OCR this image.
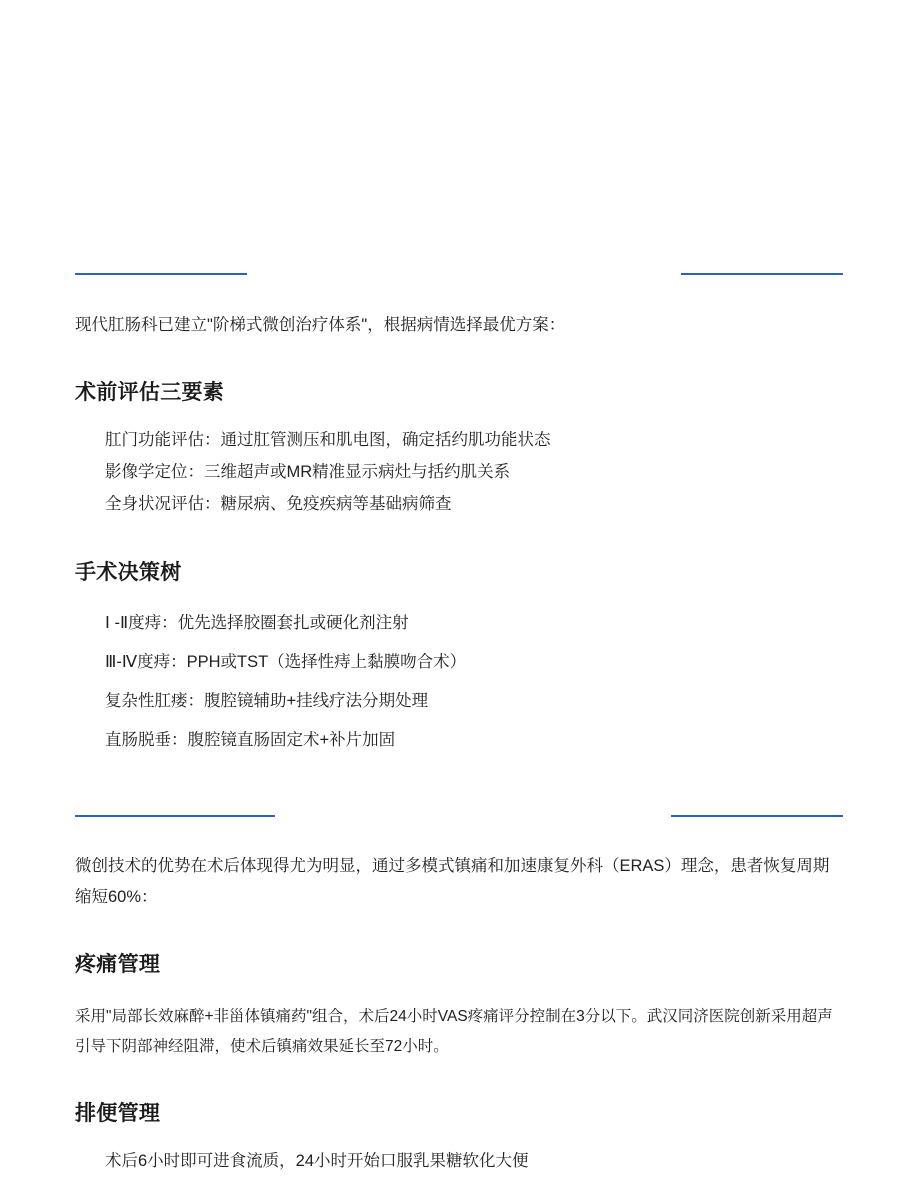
现代肛肠科已建立"阶梯式微创治疗体系"，根据病情选择最优方案：

术前评估三要素
肛门功能评估：通过肛管测压和肌电图，确定括约肌功能状态
影像学定位：三维超声或MR精准显示病灶与括约肌关系
全身状况评估：糖尿病、免疫疾病等基础病筛查
手术决策树
Ⅰ -Ⅱ度痔：优先选择胶圈套扎或硬化剂注射
Ⅲ-Ⅳ度痔：PPH或TST（选择性痔上黏膜吻合术）
复杂性肛瘘：腹腔镜辅助+挂线疗法分期处理
直肠脱垂：腹腔镜直肠固定术+补片加固

微创技术的优势在术后体现得尤为明显，通过多模式镇痛和加速康复外科（ERAS）理念，患者恢复周期缩短60%：

疼痛管理

采用"局部长效麻醉+非甾体镇痛药"组合，术后24小时VAS疼痛评分控制在3分以下。武汉同济医院创新采用超声引导下阴部神经阻滞，使术后镇痛效果延长至72小时。

排便管理
术后6小时即可进食流质，24小时开始口服乳果糖软化大便
